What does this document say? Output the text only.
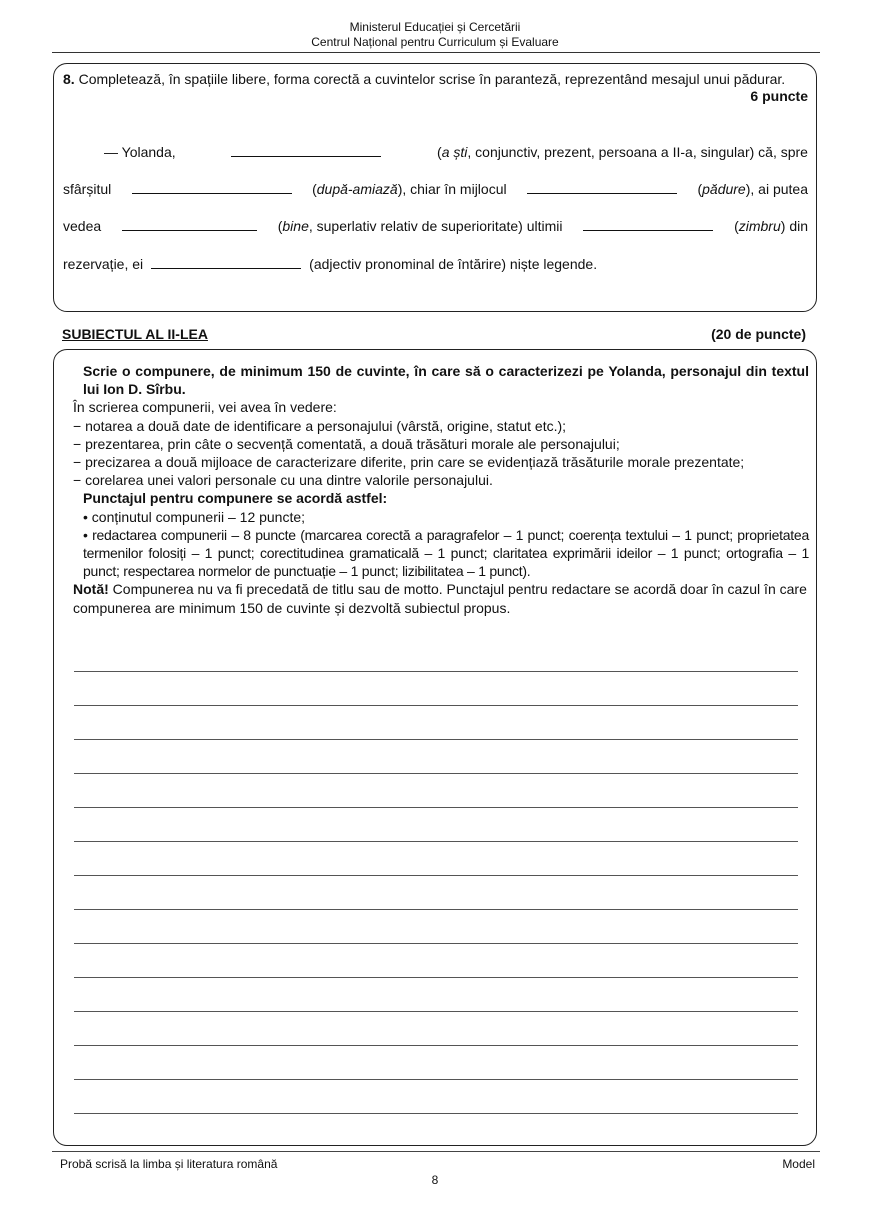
Ministerul Educației și Cercetării
Centrul Național pentru Curriculum și Evaluare
8. Completează, în spațiile libere, forma corectă a cuvintelor scrise în paranteză, reprezentând mesajul unui pădurar.
6 puncte
— Yolanda,	(a ști, conjunctiv, prezent, persoana a II-a, singular) că, spre
sfârșitul	(după-amiază), chiar în mijlocul	(pădure), ai putea
vedea	(bine, superlativ relativ de superioritate) ultimii	(zimbru) din
rezervație, ei	(adjectiv pronominal de întărire) niște legende.
SUBIECTUL AL II-LEA	(20 de puncte)

Scrie o compunere, de minimum 150 de cuvinte, în care să o caracterizezi pe Yolanda, personajul din textul lui Ion D. Sîrbu.

În scrierea compunerii, vei avea în vedere:

− notarea a două date de identificare a personajului (vârstă, origine, statut etc.);

− prezentarea, prin câte o secvență comentată, a două trăsături morale ale personajului;

− precizarea a două mijloace de caracterizare diferite, prin care se evidențiază trăsăturile morale prezentate;

− corelarea unei valori personale cu una dintre valorile personajului.

Punctajul pentru compunere se acordă astfel:

• conținutul compunerii – 12 puncte;

• redactarea compunerii – 8 puncte (marcarea corectă a paragrafelor – 1 punct; coerența textului – 1 punct; proprietatea termenilor folosiți – 1 punct; corectitudinea gramaticală – 1 punct; claritatea exprimării ideilor – 1 punct; ortografia – 1 punct; respectarea normelor de punctuație – 1 punct; lizibilitatea – 1 punct).

Notă! Compunerea nu va fi precedată de titlu sau de motto. Punctajul pentru redactare se acordă doar în cazul în care compunerea are minimum 150 de cuvinte și dezvoltă subiectul propus.

Probă scrisă la limba și literatura română	Model
8
